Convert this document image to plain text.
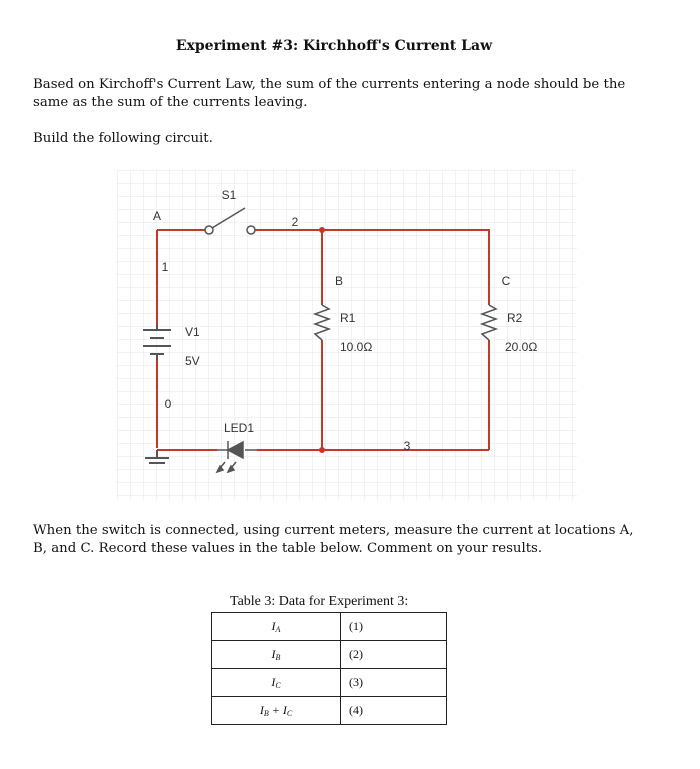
Experiment #3: Kirchhoff's Current Law
Based on Kirchoff's Current Law, the sum of the currents entering a node should be the same as the sum of the currents leaving.
Build the following circuit.
A
1
0
S1
2
V1
5V
LED1
3
B
R1
10.0Ω
C
R2
20.0Ω
When the switch is connected, using current meters, measure the current at locations A, B, and C. Record these values in the table below. Comment on your results.
Table 3: Data for Experiment 3:
$I_A$	(1)
$I_B$	(2)
$I_C$	(3)
$I_B + I_C$	(4)
